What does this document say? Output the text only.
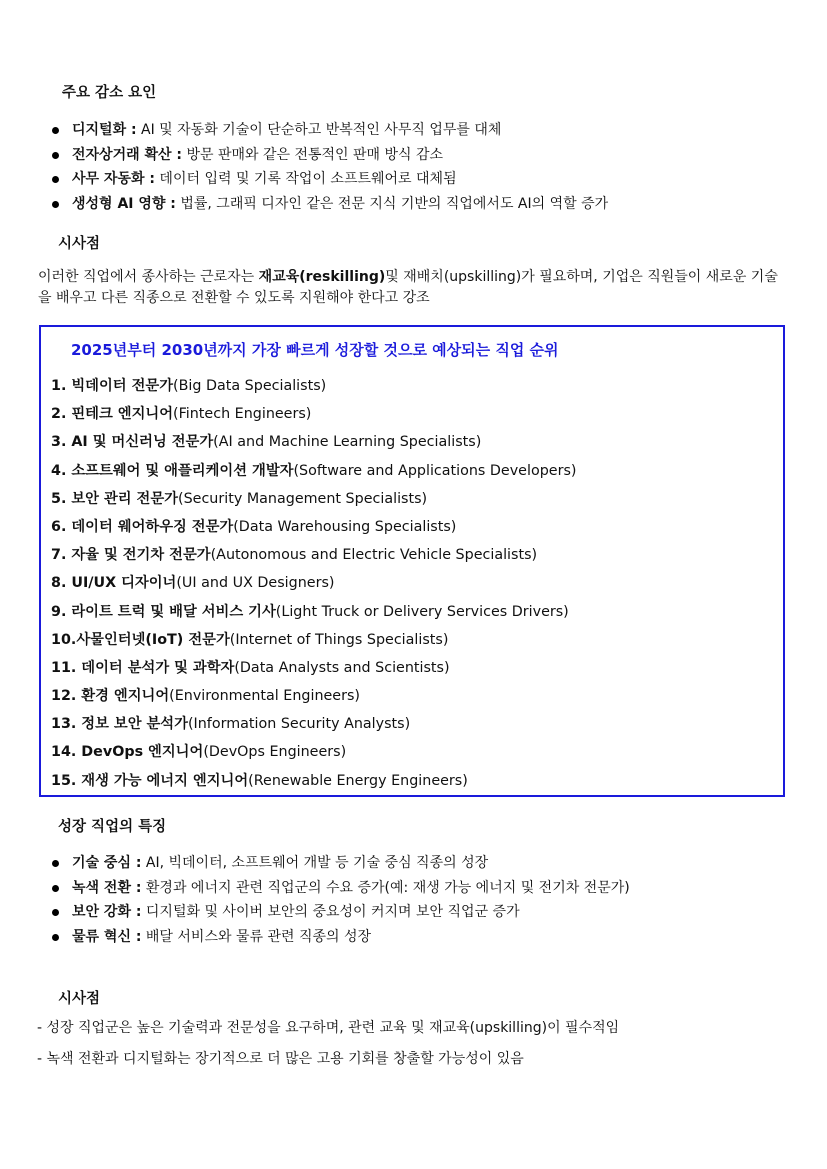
주요 감소 요인
디지털화 : AI 및 자동화 기술이 단순하고 반복적인 사무직 업무를 대체
전자상거래 확산 : 방문 판매와 같은 전통적인 판매 방식 감소
사무 자동화 : 데이터 입력 및 기록 작업이 소프트웨어로 대체됨
생성형 AI 영향 : 법률, 그래픽 디자인 같은 전문 지식 기반의 직업에서도 AI의 역할 증가
시사점
이러한 직업에서 종사하는 근로자는 재교육(reskilling)및 재배치(upskilling)가 필요하며, 기업은 직원들이 새로운 기술을 배우고 다른 직종으로 전환할 수 있도록 지원해야 한다고 강조
2025년부터 2030년까지 가장 빠르게 성장할 것으로 예상되는 직업 순위
1. 빅데이터 전문가(Big Data Specialists)
2. 핀테크 엔지니어(Fintech Engineers)
3. AI 및 머신러닝 전문가(AI and Machine Learning Specialists)
4. 소프트웨어 및 애플리케이션 개발자(Software and Applications Developers)
5. 보안 관리 전문가(Security Management Specialists)
6. 데이터 웨어하우징 전문가(Data Warehousing Specialists)
7. 자율 및 전기차 전문가(Autonomous and Electric Vehicle Specialists)
8. UI/UX 디자이너(UI and UX Designers)
9. 라이트 트럭 및 배달 서비스 기사(Light Truck or Delivery Services Drivers)
10.사물인터넷(IoT) 전문가(Internet of Things Specialists)
11. 데이터 분석가 및 과학자(Data Analysts and Scientists)
12. 환경 엔지니어(Environmental Engineers)
13. 정보 보안 분석가(Information Security Analysts)
14. DevOps 엔지니어(DevOps Engineers)
15. 재생 가능 에너지 엔지니어(Renewable Energy Engineers)
성장 직업의 특징
기술 중심 : AI, 빅데이터, 소프트웨어 개발 등 기술 중심 직종의 성장
녹색 전환 : 환경과 에너지 관련 직업군의 수요 증가(예: 재생 가능 에너지 및 전기차 전문가)
보안 강화 : 디지털화 및 사이버 보안의 중요성이 커지며 보안 직업군 증가
물류 혁신 : 배달 서비스와 물류 관련 직종의 성장
시사점
- 성장 직업군은 높은 기술력과 전문성을 요구하며, 관련 교육 및 재교육(upskilling)이 필수적임
- 녹색 전환과 디지털화는 장기적으로 더 많은 고용 기회를 창출할 가능성이 있음
